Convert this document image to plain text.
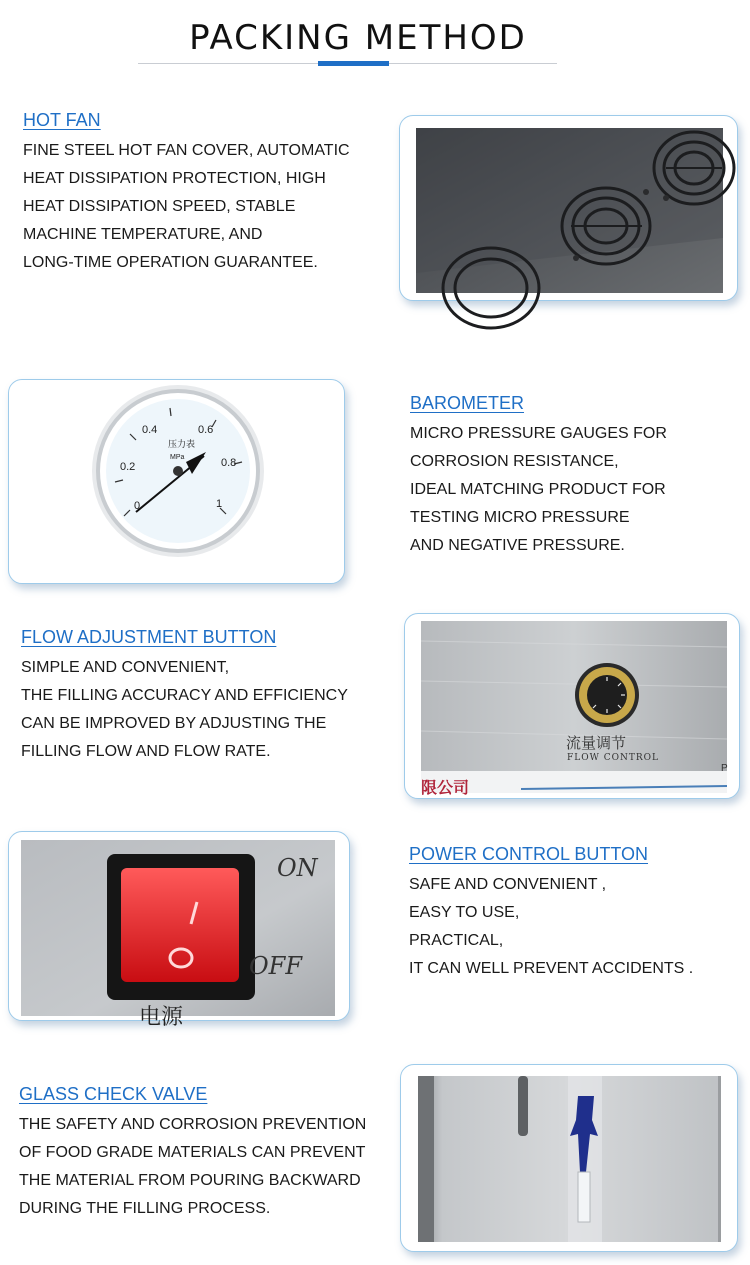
PACKING METHOD
HOT FAN
FINE STEEL HOT FAN COVER, AUTOMATIC
HEAT DISSIPATION PROTECTION, HIGH
HEAT DISSIPATION SPEED, STABLE
MACHINE TEMPERATURE, AND
LONG-TIME OPERATION GUARANTEE.
0
0.2
0.4	0.6
0.8
1
压力表
MPa
BAROMETER
MICRO PRESSURE GAUGES FOR
CORROSION RESISTANCE,
IDEAL MATCHING PRODUCT FOR
TESTING MICRO PRESSURE
AND NEGATIVE PRESSURE.
FLOW ADJUSTMENT BUTTON
SIMPLE AND CONVENIENT,
THE FILLING ACCURACY AND EFFICIENCY
CAN BE IMPROVED BY ADJUSTING THE
FILLING FLOW AND FLOW RATE.	流量调节
FLOW CONTROL
限公司
P
ON
OFF
电源
POWER CONTROL BUTTON
SAFE AND CONVENIENT ,
EASY TO USE,
PRACTICAL,
IT CAN WELL PREVENT ACCIDENTS .
GLASS CHECK VALVE
THE SAFETY AND CORROSION PREVENTION
OF FOOD GRADE MATERIALS CAN PREVENT
THE MATERIAL FROM POURING BACKWARD
DURING THE FILLING PROCESS.
